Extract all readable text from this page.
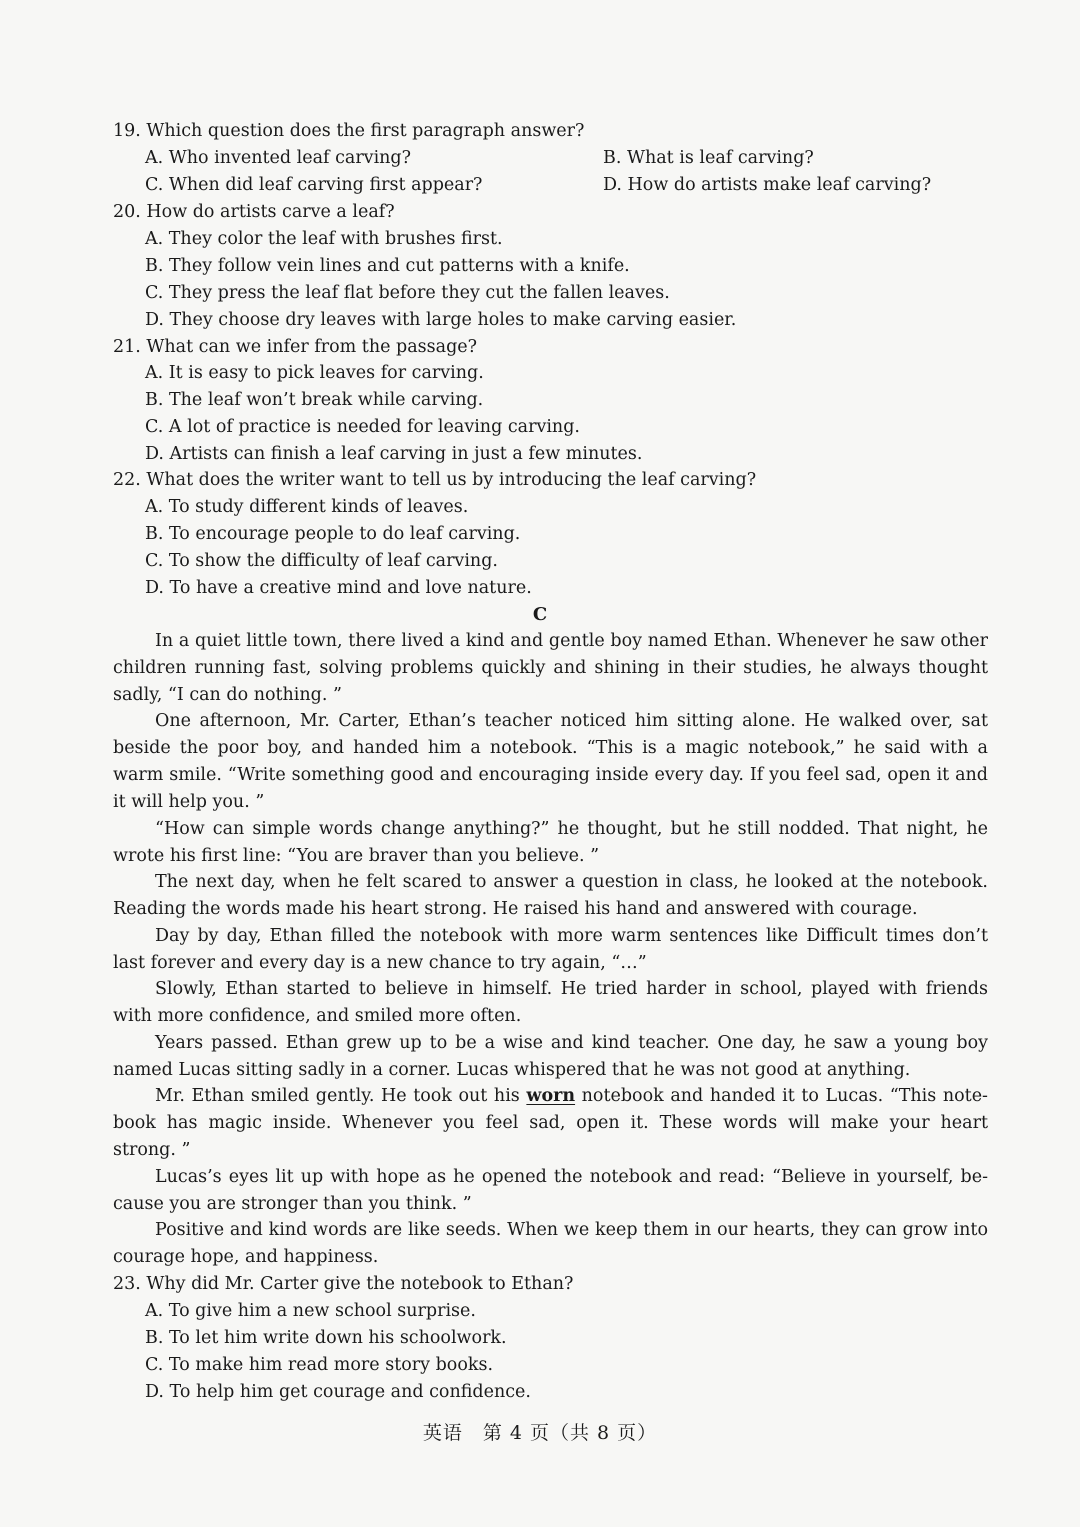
19. Which question does the first paragraph answer?
A. Who invented leaf carving?	B. What is leaf carving?
C. When did leaf carving first appear?	D. How do artists make leaf carving?
20. How do artists carve a leaf?
A. They color the leaf with brushes first.
B. They follow vein lines and cut patterns with a knife.
C. They press the leaf flat before they cut the fallen leaves.
D. They choose dry leaves with large holes to make carving easier.
21. What can we infer from the passage?
A. It is easy to pick leaves for carving.
B. The leaf won’t break while carving.
C. A lot of practice is needed for leaving carving.
D. Artists can finish a leaf carving in just a few minutes.
22. What does the writer want to tell us by introducing the leaf carving?
A. To study different kinds of leaves.
B. To encourage people to do leaf carving.
C. To show the difficulty of leaf carving.
D. To have a creative mind and love nature.
C
In a quiet little town, there lived a kind and gentle boy named Ethan. Whenever he saw other
children running fast, solving problems quickly and shining in their studies, he always thought
sadly, “I can do nothing. ”
One afternoon, Mr. Carter, Ethan’s teacher noticed him sitting alone. He walked over, sat
beside the poor boy, and handed him a notebook. “This is a magic notebook,” he said with a
warm smile. “Write something good and encouraging inside every day. If you feel sad, open it and
it will help you. ”
“How can simple words change anything?” he thought, but he still nodded. That night, he
wrote his first line: “You are braver than you believe. ”
The next day, when he felt scared to answer a question in class, he looked at the notebook.
Reading the words made his heart strong. He raised his hand and answered with courage.
Day by day, Ethan filled the notebook with more warm sentences like Difficult times don’t
last forever and every day is a new chance to try again, “…”
Slowly, Ethan started to believe in himself. He tried harder in school, played with friends
with more confidence, and smiled more often.
Years passed. Ethan grew up to be a wise and kind teacher. One day, he saw a young boy
named Lucas sitting sadly in a corner. Lucas whispered that he was not good at anything.
Mr. Ethan smiled gently. He took out his worn notebook and handed it to Lucas. “This note-
book has magic inside. Whenever you feel sad, open it. These words will make your heart
strong. ”
Lucas’s eyes lit up with hope as he opened the notebook and read: “Believe in yourself, be-
cause you are stronger than you think. ”
Positive and kind words are like seeds. When we keep them in our hearts, they can grow into
courage hope, and happiness.
23. Why did Mr. Carter give the notebook to Ethan?
A. To give him a new school surprise.
B. To let him write down his schoolwork.
C. To make him read more story books.
D. To help him get courage and confidence.
英语　第 4 页（共 8 页）
